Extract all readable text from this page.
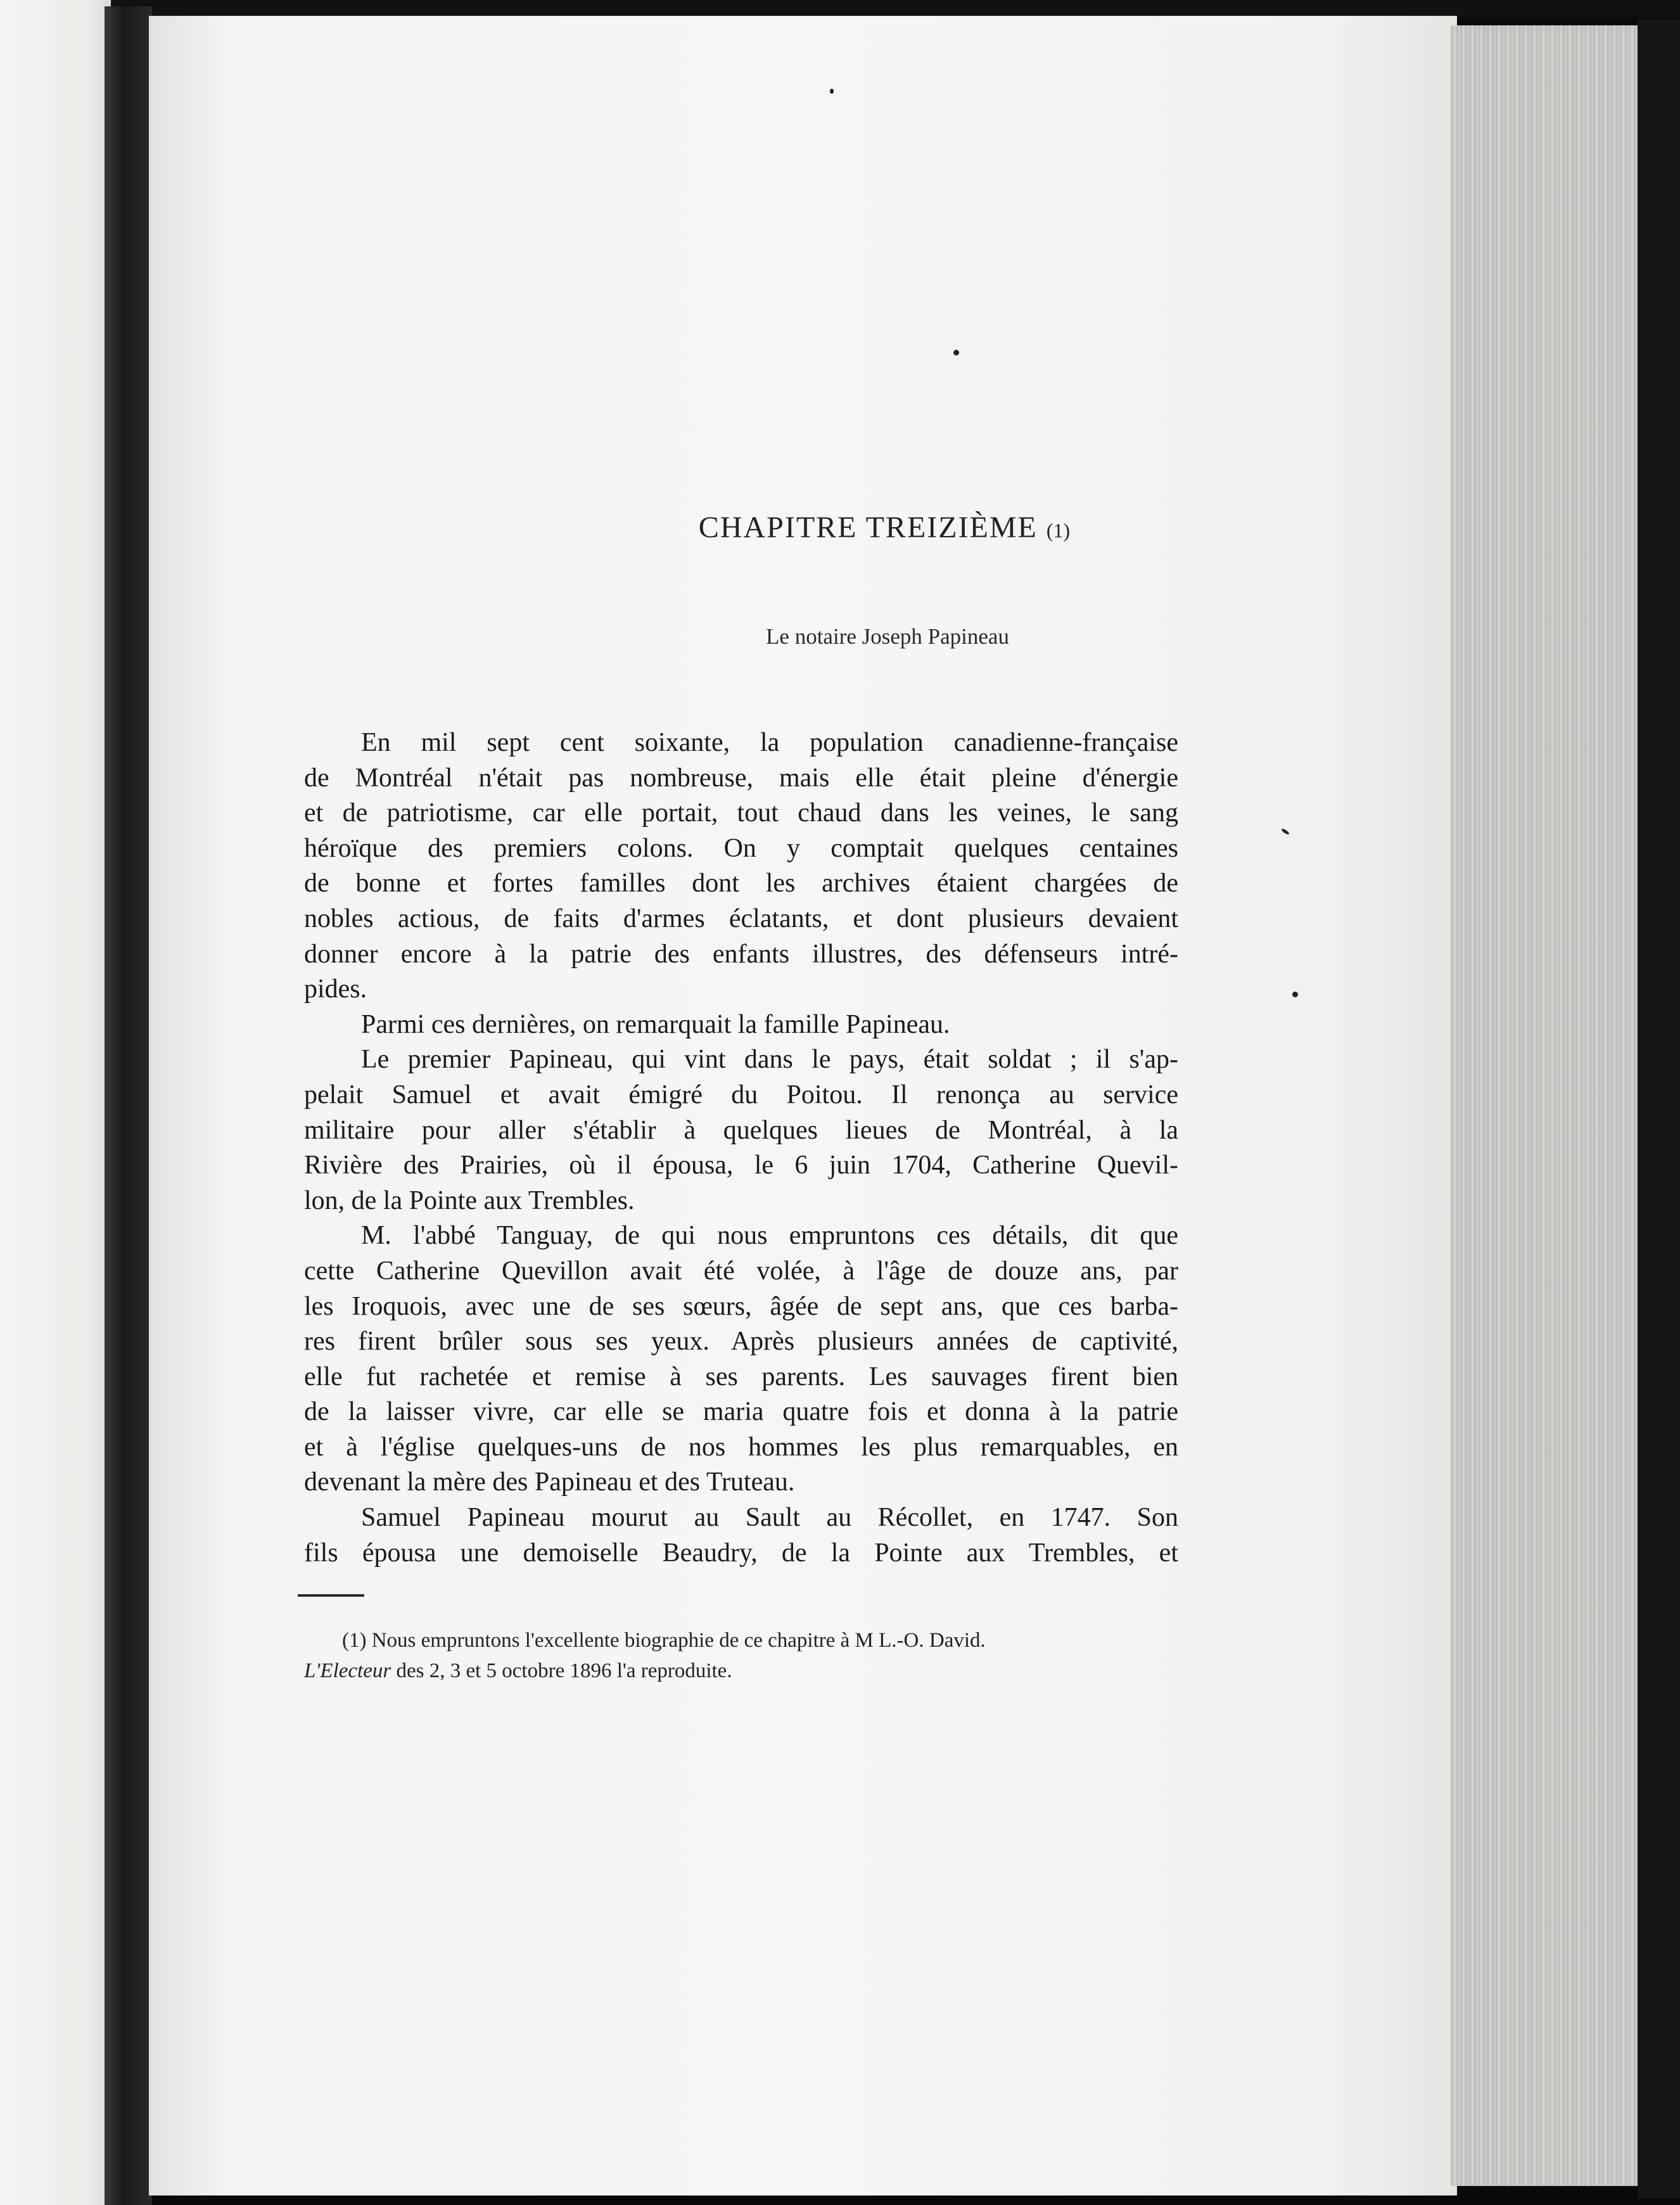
CHAPITRE TREIZIÈME (1)
Le notaire Joseph Papineau
En mil sept cent soixante, la population canadienne-française
de Montréal n'était pas nombreuse, mais elle était pleine d'énergie
et de patriotisme, car elle portait, tout chaud dans les veines, le sang
héroïque des premiers colons. On y comptait quelques centaines
de bonne et fortes familles dont les archives étaient chargées de
nobles actious, de faits d'armes éclatants, et dont plusieurs devaient
donner encore à la patrie des enfants illustres, des défenseurs intré-
pides.
Parmi ces dernières, on remarquait la famille Papineau.
Le premier Papineau, qui vint dans le pays, était soldat ; il s'ap-
pelait Samuel et avait émigré du Poitou. Il renonça au service
militaire pour aller s'établir à quelques lieues de Montréal, à la
Rivière des Prairies, où il épousa, le 6 juin 1704, Catherine Quevil-
lon, de la Pointe aux Trembles.
M. l'abbé Tanguay, de qui nous empruntons ces détails, dit que
cette Catherine Quevillon avait été volée, à l'âge de douze ans, par
les Iroquois, avec une de ses sœurs, âgée de sept ans, que ces barba-
res firent brûler sous ses yeux. Après plusieurs années de captivité,
elle fut rachetée et remise à ses parents. Les sauvages firent bien
de la laisser vivre, car elle se maria quatre fois et donna à la patrie
et à l'église quelques-uns de nos hommes les plus remarquables, en
devenant la mère des Papineau et des Truteau.
Samuel Papineau mourut au Sault au Récollet, en 1747. Son
fils épousa une demoiselle Beaudry, de la Pointe aux Trembles, et
(1) Nous empruntons l'excellente biographie de ce chapitre à M L.-O. David.
L'Electeur des 2, 3 et 5 octobre 1896 l'a reproduite.
